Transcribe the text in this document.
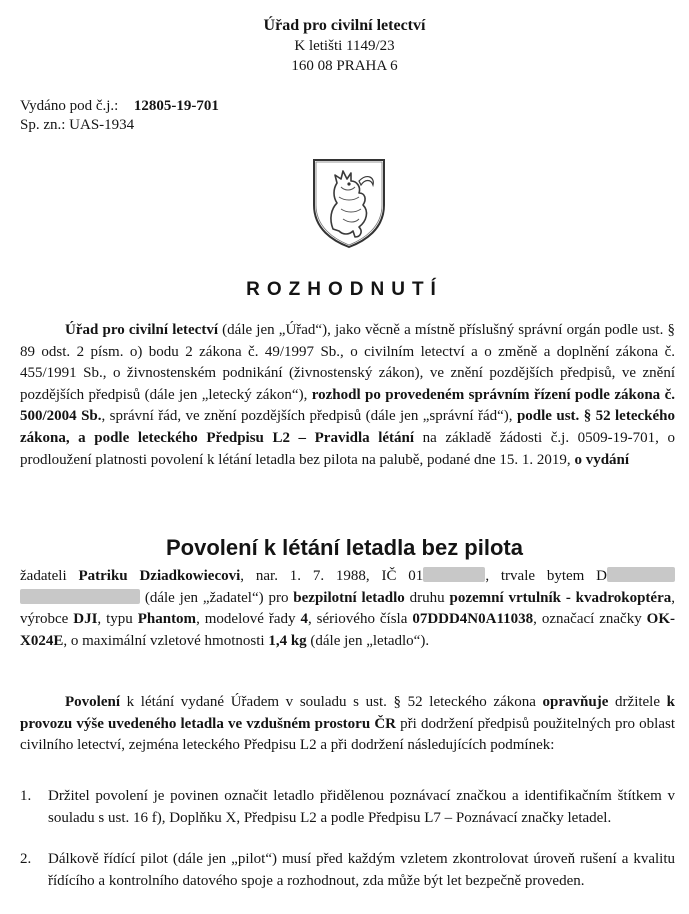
Úřad pro civilní letectví
K letišti 1149/23
160 08 PRAHA 6
Vydáno pod č.j.: 12805-19-701
Sp. zn.: UAS-1934
ROZHODNUTÍ
Úřad pro civilní letectví (dále jen „Úřad“), jako věcně a místně příslušný správní orgán podle ust. § 89 odst. 2 písm. o) bodu 2 zákona č. 49/1997 Sb., o civilním letectví a o změně a doplnění zákona č. 455/1991 Sb., o živnostenském podnikání (živnostenský zákon), ve znění pozdějších předpisů, ve znění pozdějších předpisů (dále jen „letecký zákon“), rozhodl po provedeném správním řízení podle zákona č. 500/2004 Sb., správní řád, ve znění pozdějších předpisů (dále jen „správní řád“), podle ust. § 52 leteckého zákona, a podle leteckého Předpisu L2 – Pravidla létání na základě žádosti č.j. 0509-19-701, o prodloužení platnosti povolení k létání letadla bez pilota na palubě, podané dne 15. 1. 2019, o vydání
Povolení k létání letadla bez pilota
žadateli Patriku Dziadkowiecovi, nar. 1. 7. 1988, IČ 01	, trvale bytem D  (dále jen „žadatel“) pro bezpilotní letadlo druhu pozemní vrtulník - kvadrokoptéra, výrobce DJI, typu Phantom, modelové řady 4, sériového čísla 07DDD4N0A11038, označací značky OK-X024E, o maximální vzletové hmotnosti 1,4 kg (dále jen „letadlo“).
Povolení k létání vydané Úřadem v souladu s ust. § 52 leteckého zákona opravňuje držitele k provozu výše uvedeného letadla ve vzdušném prostoru ČR při dodržení předpisů použitelných pro oblast civilního letectví, zejména leteckého Předpisu L2 a při dodržení následujících podmínek:
1.	Držitel povolení je povinen označit letadlo přidělenou poznávací značkou a identifikačním štítkem v souladu s ust. 16 f), Doplňku X, Předpisu L2 a podle Předpisu L7 – Poznávací značky letadel.
2.	Dálkově řídící pilot (dále jen „pilot“) musí před každým vzletem zkontrolovat úroveň rušení a kvalitu řídícího a kontrolního datového spoje a rozhodnout, zda může být let bezpečně proveden.
